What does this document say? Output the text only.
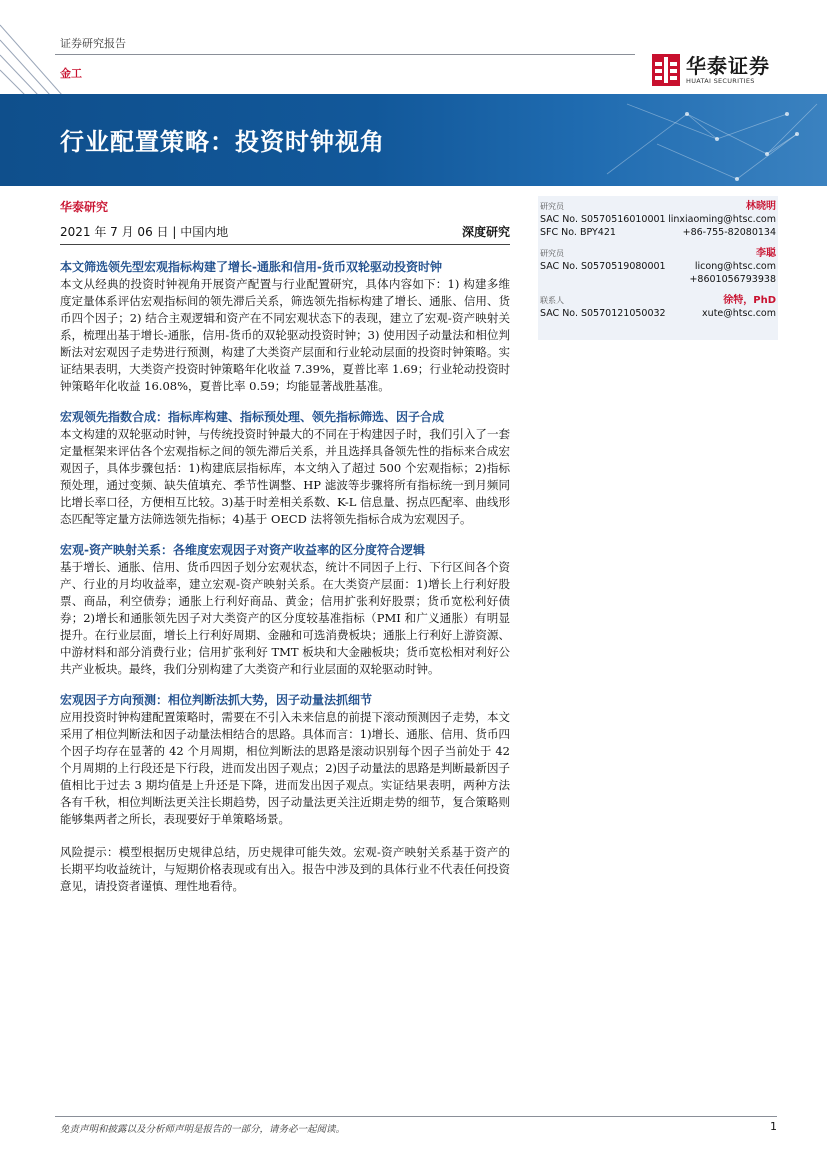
证券研究报告
金工	华泰证券
HUATAI SECURITIES
行业配置策略：投资时钟视角
华泰研究
2021 年 7 月 06 日 | 中国内地	深度研究
本文筛选领先型宏观指标构建了增长-通胀和信用-货币双轮驱动投资时钟
本文从经典的投资时钟视角开展资产配置与行业配置研究，具体内容如下：1) 构建多维度定量体系评估宏观指标间的领先滞后关系，筛选领先指标构建了增长、通胀、信用、货币四个因子；2) 结合主观逻辑和资产在不同宏观状态下的表现，建立了宏观-资产映射关系，梳理出基于增长-通胀，信用-货币的双轮驱动投资时钟；3) 使用因子动量法和相位判断法对宏观因子走势进行预测，构建了大类资产层面和行业轮动层面的投资时钟策略。实证结果表明，大类资产投资时钟策略年化收益 7.39%，夏普比率 1.69；行业轮动投资时钟策略年化收益 16.08%，夏普比率 0.59；均能显著战胜基准。
宏观领先指数合成：指标库构建、指标预处理、领先指标筛选、因子合成
本文构建的双轮驱动时钟，与传统投资时钟最大的不同在于构建因子时，我们引入了一套定量框架来评估各个宏观指标之间的领先滞后关系，并且选择具备领先性的指标来合成宏观因子，具体步骤包括：1)构建底层指标库，本文纳入了超过 500 个宏观指标；2)指标预处理，通过变频、缺失值填充、季节性调整、HP 滤波等步骤将所有指标统一到月频同比增长率口径，方便相互比较。3)基于时差相关系数、K-L 信息量、拐点匹配率、曲线形态匹配等定量方法筛选领先指标；4)基于 OECD 法将领先指标合成为宏观因子。
宏观-资产映射关系：各维度宏观因子对资产收益率的区分度符合逻辑
基于增长、通胀、信用、货币四因子划分宏观状态，统计不同因子上行、下行区间各个资产、行业的月均收益率，建立宏观-资产映射关系。在大类资产层面：1)增长上行利好股票、商品，利空债券；通胀上行利好商品、黄金；信用扩张利好股票；货币宽松利好债券；2)增长和通胀领先因子对大类资产的区分度较基准指标（PMI 和广义通胀）有明显提升。在行业层面，增长上行利好周期、金融和可选消费板块；通胀上行利好上游资源、中游材料和部分消费行业；信用扩张利好 TMT 板块和大金融板块；货币宽松相对利好公共产业板块。最终，我们分别构建了大类资产和行业层面的双轮驱动时钟。
宏观因子方向预测：相位判断法抓大势，因子动量法抓细节
应用投资时钟构建配置策略时，需要在不引入未来信息的前提下滚动预测因子走势，本文采用了相位判断法和因子动量法相结合的思路。具体而言：1)增长、通胀、信用、货币四个因子均存在显著的 42 个月周期，相位判断法的思路是滚动识别每个因子当前处于 42 个月周期的上行段还是下行段，进而发出因子观点；2)因子动量法的思路是判断最新因子值相比于过去 3 期均值是上升还是下降，进而发出因子观点。实证结果表明，两种方法各有千秋，相位判断法更关注长期趋势，因子动量法更关注近期走势的细节，复合策略则能够集两者之所长，表现要好于单策略场景。
风险提示：模型根据历史规律总结，历史规律可能失效。宏观-资产映射关系基于资产的长期平均收益统计，与短期价格表现或有出入。报告中涉及到的具体行业不代表任何投资意见，请投资者谨慎、理性地看待。
研究员	林晓明
SAC No. S0570516010001 linxiaoming@htsc.com
SFC No. BPY421	+86-755-82080134
研究员	李聪
SAC No. S0570519080001	licong@htsc.com
+8601056793938
联系人	徐特，PhD
SAC No. S0570121050032	xute@htsc.com
免责声明和披露以及分析师声明是报告的一部分，请务必一起阅读。	1
